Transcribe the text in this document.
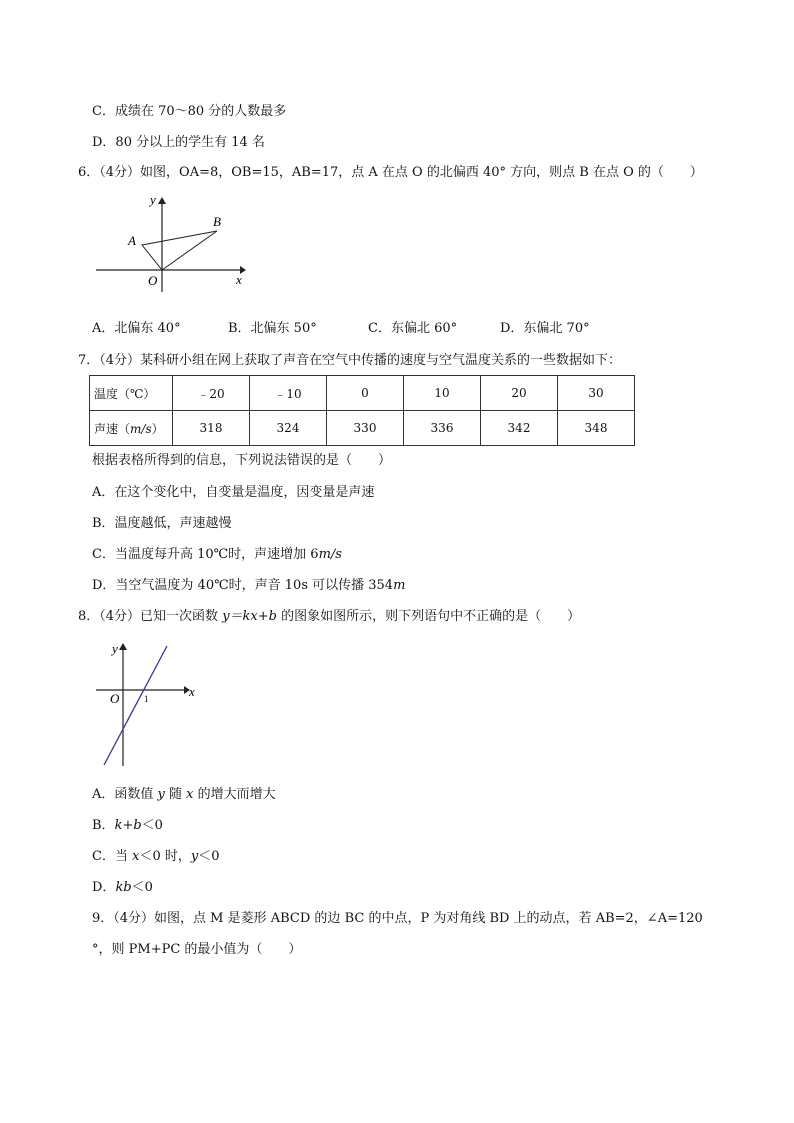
C．成绩在 70～80 分的人数最多
D．80 分以上的学生有 14 名
6．（4分）如图，OA=8，OB=15，AB=17，点 A 在点 O 的北偏西 40° 方向，则点 B 在点 O 的（　　）
y
x
O
A
B
A．北偏东 40°	B．北偏东 50°	C．东偏北 60°	D．东偏北 70°
7．（4分）某科研小组在网上获取了声音在空气中传播的速度与空气温度关系的一些数据如下：
温度（℃）	﹣20	﹣10	0	10	20	30
声速（m/s）	318	324	330	336	342	348
根据表格所得到的信息，下列说法错误的是（　　）
A．在这个变化中，自变量是温度，因变量是声速
B．温度越低，声速越慢
C．当温度每升高 10℃时，声速增加 6m/s
D．当空气温度为 40℃时，声音 10s 可以传播 354m
8．（4分）已知一次函数 y＝kx+b 的图象如图所示，则下列语句中不正确的是（　　）
y
x
O	1
A．函数值 y 随 x 的增大而增大
B．k+b＜0
C．当 x＜0 时，y＜0
D．kb＜0
9．（4分）如图，点 M 是菱形 ABCD 的边 BC 的中点，P 为对角线 BD 上的动点，若 AB=2，∠A=120
°，则 PM+PC 的最小值为（　　）
